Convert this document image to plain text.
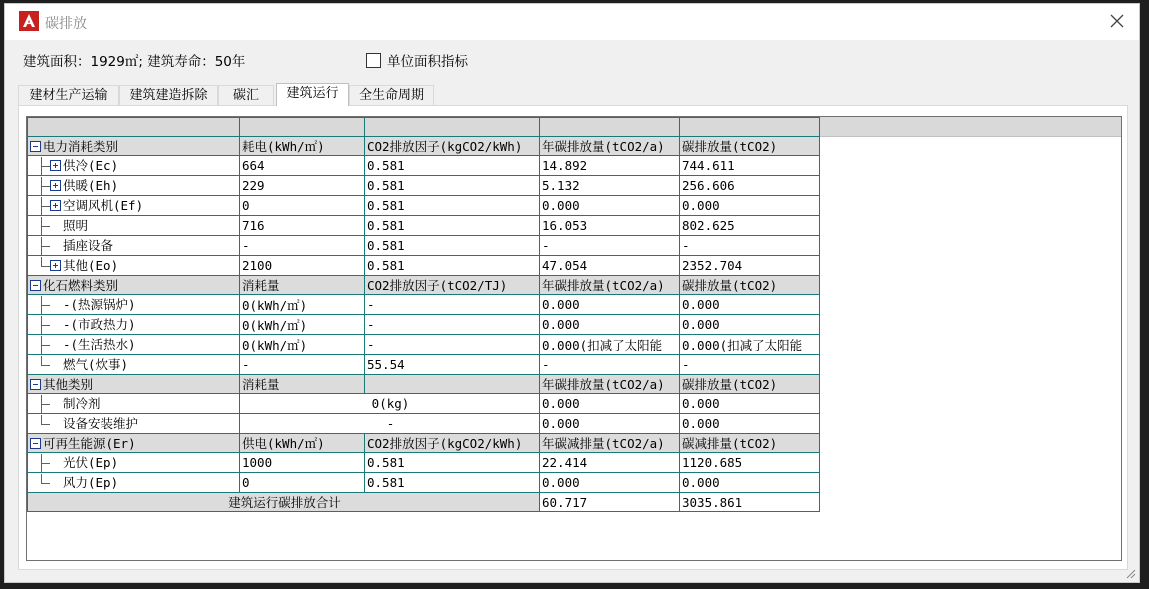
碳排放
建筑面积：1929㎡; 建筑寿命：50年	单位面积指标
建材生产运输	建筑建造拆除	碳汇	建筑运行	全生命周期

电力消耗类别	耗电(kWh/㎡)	CO2排放因子(kgCO2/kWh)	年碳排放量(tCO2/a)	碳排放量(tCO2)
供冷(Ec)	664	0.581	14.892	744.611
供暖(Eh)	229	0.581	5.132	256.606
空调风机(Ef)	0	0.581	0.000	0.000
照明	716	0.581	16.053	802.625
插座设备	-	0.581	-	-
其他(Eo)	2100	0.581	47.054	2352.704
化石燃料类别	消耗量	CO2排放因子(tCO2/TJ)	年碳排放量(tCO2/a)	碳排放量(tCO2)
-(热源锅炉)	0(kWh/㎡)	-	0.000	0.000
-(市政热力)	0(kWh/㎡)	-	0.000	0.000
-(生活热水)	0(kWh/㎡)	-	0.000(扣减了太阳能	0.000(扣减了太阳能
燃气(炊事)	-	55.54	-	-
其他类别	消耗量		年碳排放量(tCO2/a)	碳排放量(tCO2)
制冷剂	0(kg)		0.000	0.000
设备安装维护	-		0.000	0.000
可再生能源(Er)	供电(kWh/㎡)	CO2排放因子(kgCO2/kWh)	年碳减排量(tCO2/a)	碳减排量(tCO2)
光伏(Ep)	1000	0.581	22.414	1120.685
风力(Ep)	0	0.581	0.000	0.000
建筑运行碳排放合计			60.717	3035.861
